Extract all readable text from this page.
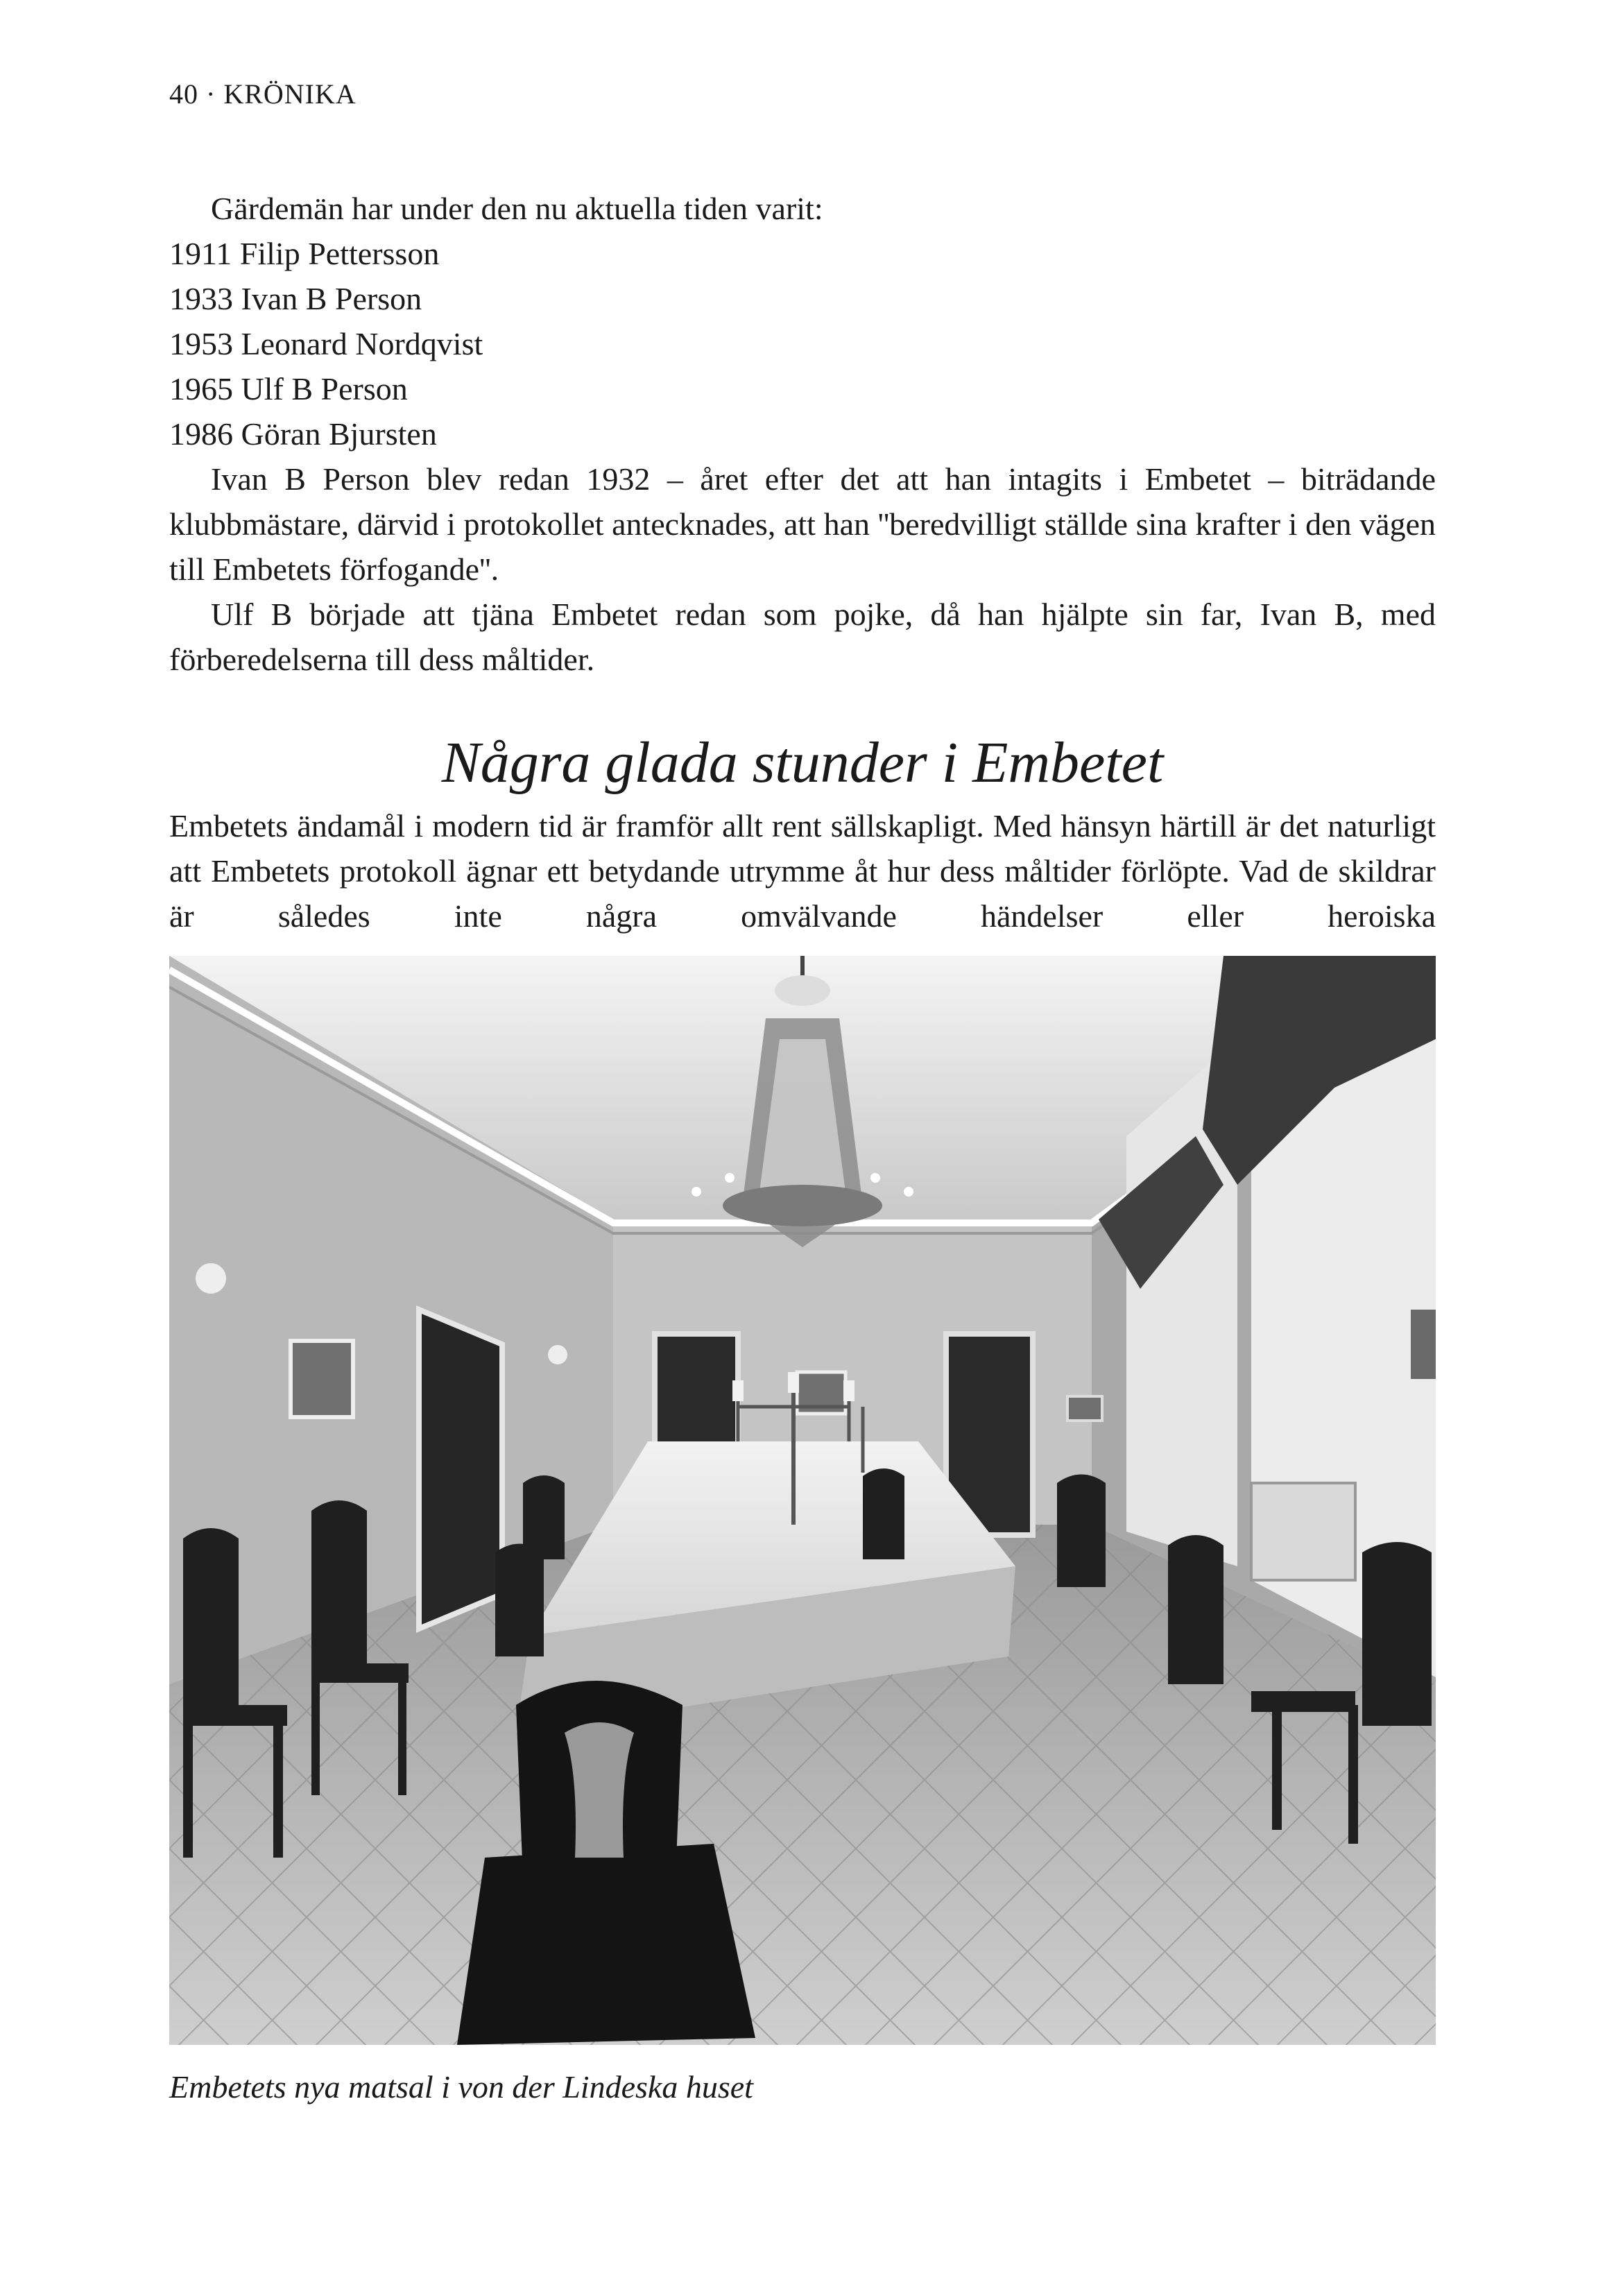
40 · KRÖNIKA

Gärdemän har under den nu aktuella tiden varit:

1911 Filip Pettersson

1933 Ivan B Person

1953 Leonard Nordqvist

1965 Ulf B Person

1986 Göran Bjursten

Ivan B Person blev redan 1932 – året efter det att han intagits i Embetet – biträdande klubbmästare, därvid i protokollet antecknades, att han ''beredvilligt ställde sina krafter i den vägen till Embetets förfogande''.

Ulf B började att tjäna Embetet redan som pojke, då han hjälpte sin far, Ivan B, med förberedelserna till dess måltider.

Några glada stunder i Embetet

Embetets ändamål i modern tid är framför allt rent sällskapligt. Med hänsyn härtill är det naturligt att Embetets protokoll ägnar ett betydande utrymme åt hur dess måltider förlöpte. Vad de skildrar är således inte några omvälvande händelser eller heroiska

Embetets nya matsal i von der Lindeska huset
